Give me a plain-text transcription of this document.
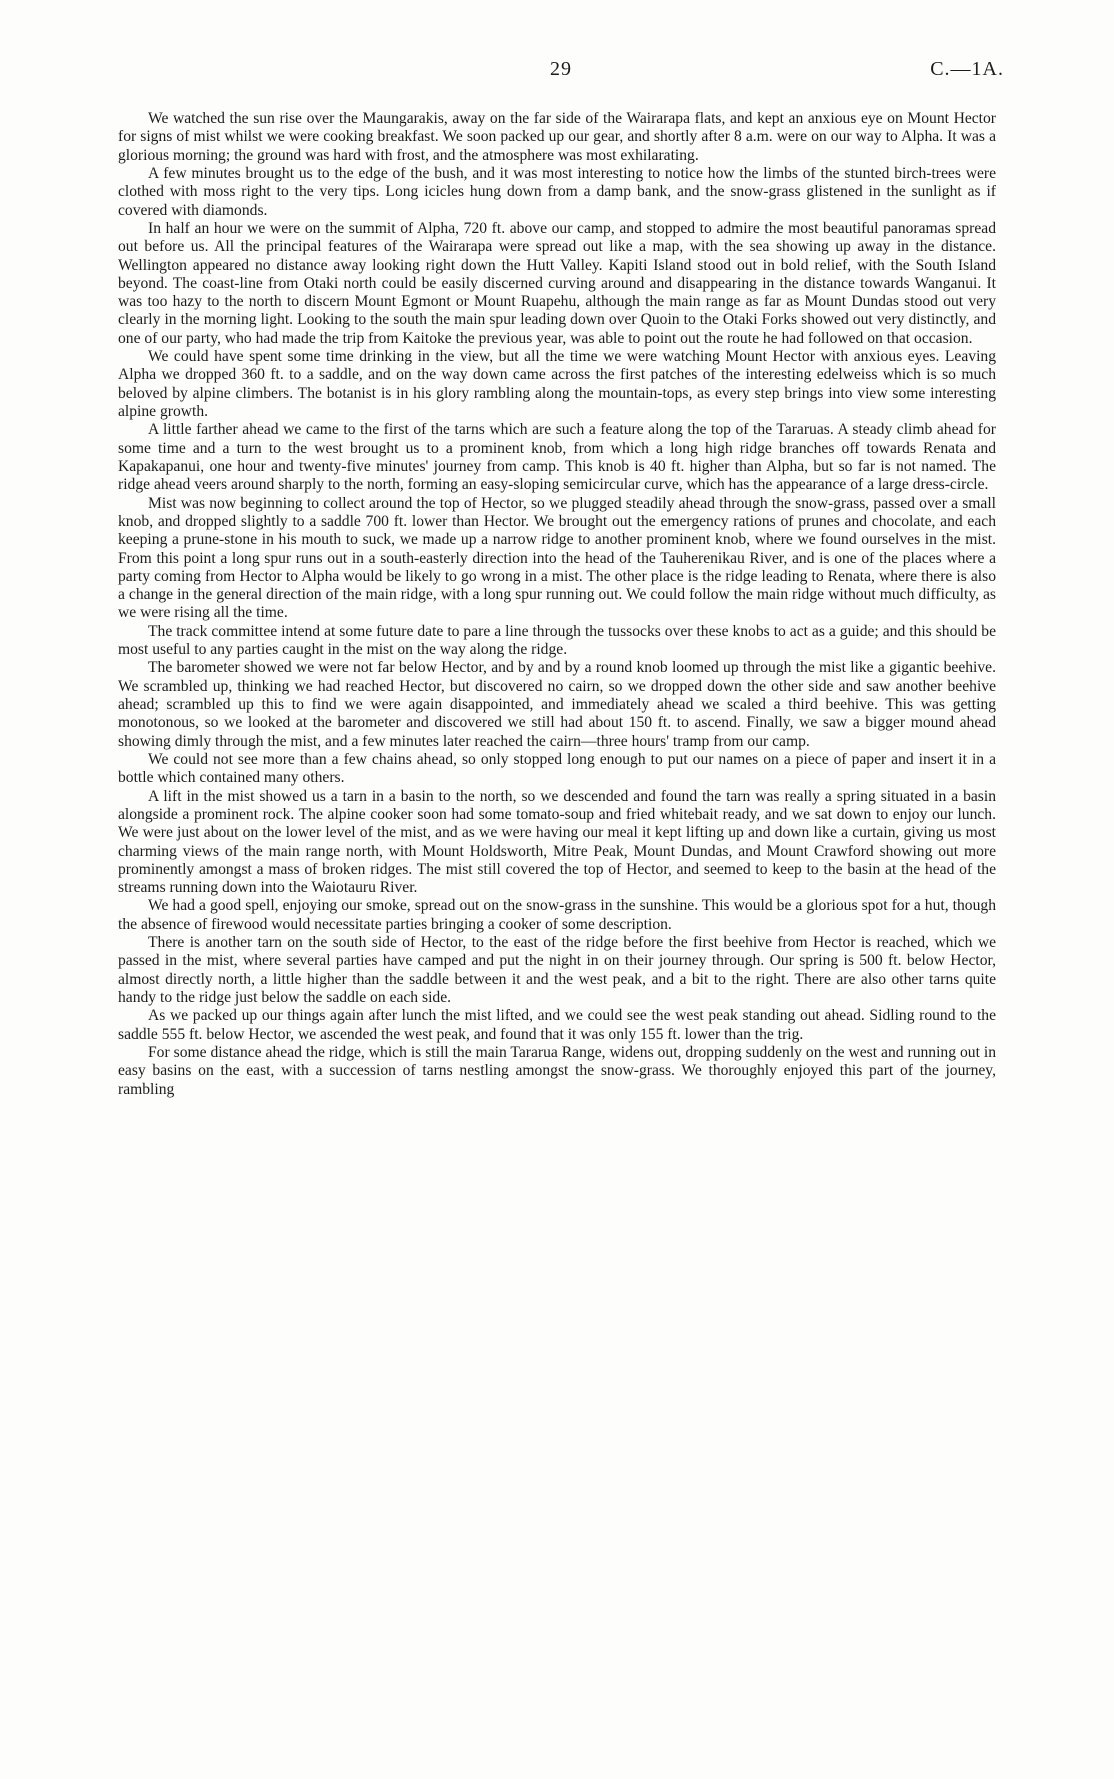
29	C.—1A.

We watched the sun rise over the Maungarakis, away on the far side of the Wairarapa flats, and kept an anxious eye on Mount Hector for signs of mist whilst we were cooking breakfast. We soon packed up our gear, and shortly after 8 a.m. were on our way to Alpha. It was a glorious morning; the ground was hard with frost, and the atmosphere was most exhilarating.

A few minutes brought us to the edge of the bush, and it was most interesting to notice how the limbs of the stunted birch-trees were clothed with moss right to the very tips. Long icicles hung down from a damp bank, and the snow-grass glistened in the sunlight as if covered with diamonds.

In half an hour we were on the summit of Alpha, 720 ft. above our camp, and stopped to admire the most beautiful panoramas spread out before us. All the principal features of the Wairarapa were spread out like a map, with the sea showing up away in the distance. Wellington appeared no distance away looking right down the Hutt Valley. Kapiti Island stood out in bold relief, with the South Island beyond. The coast-line from Otaki north could be easily discerned curving around and disappearing in the distance towards Wanganui. It was too hazy to the north to discern Mount Egmont or Mount Ruapehu, although the main range as far as Mount Dundas stood out very clearly in the morning light. Looking to the south the main spur leading down over Quoin to the Otaki Forks showed out very distinctly, and one of our party, who had made the trip from Kaitoke the previous year, was able to point out the route he had followed on that occasion.

We could have spent some time drinking in the view, but all the time we were watching Mount Hector with anxious eyes. Leaving Alpha we dropped 360 ft. to a saddle, and on the way down came across the first patches of the interesting edelweiss which is so much beloved by alpine climbers. The botanist is in his glory rambling along the mountain-tops, as every step brings into view some interesting alpine growth.

A little farther ahead we came to the first of the tarns which are such a feature along the top of the Tararuas. A steady climb ahead for some time and a turn to the west brought us to a prominent knob, from which a long high ridge branches off towards Renata and Kapakapanui, one hour and twenty-five minutes' journey from camp. This knob is 40 ft. higher than Alpha, but so far is not named. The ridge ahead veers around sharply to the north, forming an easy-sloping semicircular curve, which has the appearance of a large dress-circle.

Mist was now beginning to collect around the top of Hector, so we plugged steadily ahead through the snow-grass, passed over a small knob, and dropped slightly to a saddle 700 ft. lower than Hector. We brought out the emergency rations of prunes and chocolate, and each keeping a prune-stone in his mouth to suck, we made up a narrow ridge to another prominent knob, where we found ourselves in the mist. From this point a long spur runs out in a south-easterly direction into the head of the Tauherenikau River, and is one of the places where a party coming from Hector to Alpha would be likely to go wrong in a mist. The other place is the ridge leading to Renata, where there is also a change in the general direction of the main ridge, with a long spur running out. We could follow the main ridge without much difficulty, as we were rising all the time.

The track committee intend at some future date to pare a line through the tussocks over these knobs to act as a guide; and this should be most useful to any parties caught in the mist on the way along the ridge.

The barometer showed we were not far below Hector, and by and by a round knob loomed up through the mist like a gigantic beehive. We scrambled up, thinking we had reached Hector, but discovered no cairn, so we dropped down the other side and saw another beehive ahead; scrambled up this to find we were again disappointed, and immediately ahead we scaled a third beehive. This was getting monotonous, so we looked at the barometer and discovered we still had about 150 ft. to ascend. Finally, we saw a bigger mound ahead showing dimly through the mist, and a few minutes later reached the cairn—three hours' tramp from our camp.

We could not see more than a few chains ahead, so only stopped long enough to put our names on a piece of paper and insert it in a bottle which contained many others.

A lift in the mist showed us a tarn in a basin to the north, so we descended and found the tarn was really a spring situated in a basin alongside a prominent rock. The alpine cooker soon had some tomato-soup and fried whitebait ready, and we sat down to enjoy our lunch. We were just about on the lower level of the mist, and as we were having our meal it kept lifting up and down like a curtain, giving us most charming views of the main range north, with Mount Holdsworth, Mitre Peak, Mount Dundas, and Mount Crawford showing out more prominently amongst a mass of broken ridges. The mist still covered the top of Hector, and seemed to keep to the basin at the head of the streams running down into the Waiotauru River.

We had a good spell, enjoying our smoke, spread out on the snow-grass in the sunshine. This would be a glorious spot for a hut, though the absence of firewood would necessitate parties bringing a cooker of some description.

There is another tarn on the south side of Hector, to the east of the ridge before the first beehive from Hector is reached, which we passed in the mist, where several parties have camped and put the night in on their journey through. Our spring is 500 ft. below Hector, almost directly north, a little higher than the saddle between it and the west peak, and a bit to the right. There are also other tarns quite handy to the ridge just below the saddle on each side.

As we packed up our things again after lunch the mist lifted, and we could see the west peak standing out ahead. Sidling round to the saddle 555 ft. below Hector, we ascended the west peak, and found that it was only 155 ft. lower than the trig.

For some distance ahead the ridge, which is still the main Tararua Range, widens out, dropping suddenly on the west and running out in easy basins on the east, with a succession of tarns nestling amongst the snow-grass. We thoroughly enjoyed this part of the journey, rambling
